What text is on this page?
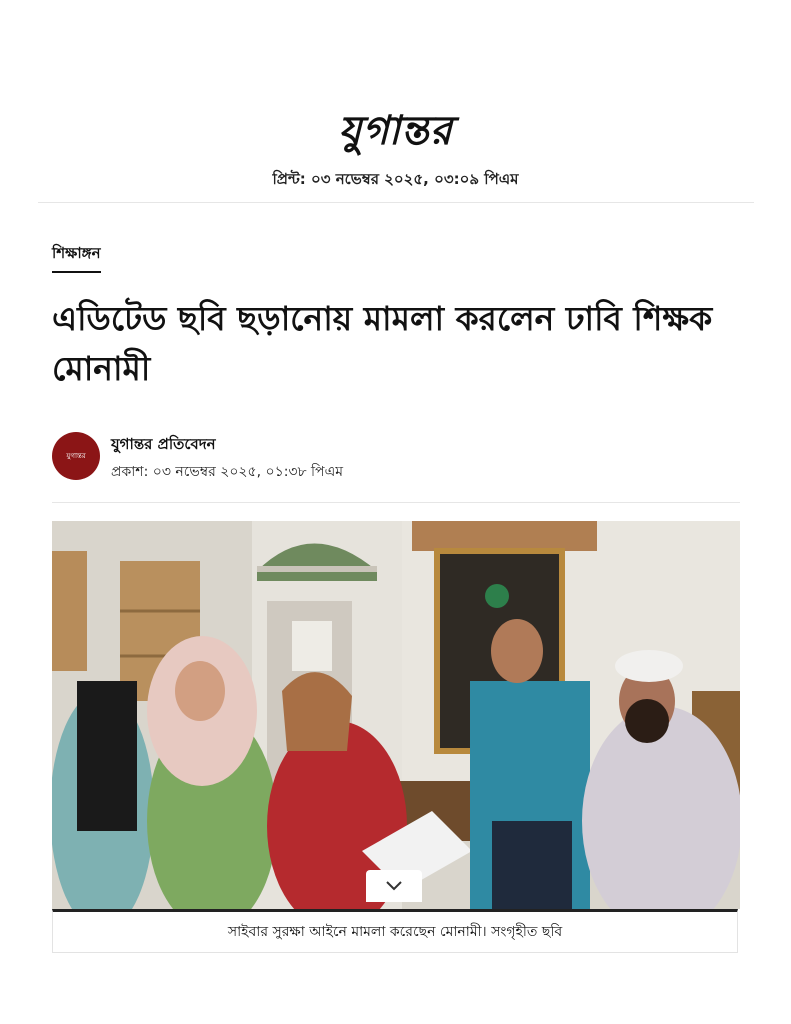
যুগান্তর
প্রিন্ট: ০৩ নভেম্বর ২০২৫, ০৩:০৯ পিএম
শিক্ষাঙ্গন
এডিটেড ছবি ছড়ানোয় মামলা করলেন ঢাবি শিক্ষক মোনামী
যুগান্তর
যুগান্তর প্রতিবেদন
প্রকাশ: ০৩ নভেম্বর ২০২৫, ০১:৩৮ পিএম
সাইবার সুরক্ষা আইনে মামলা করেছেন মোনামী। সংগৃহীত ছবি
